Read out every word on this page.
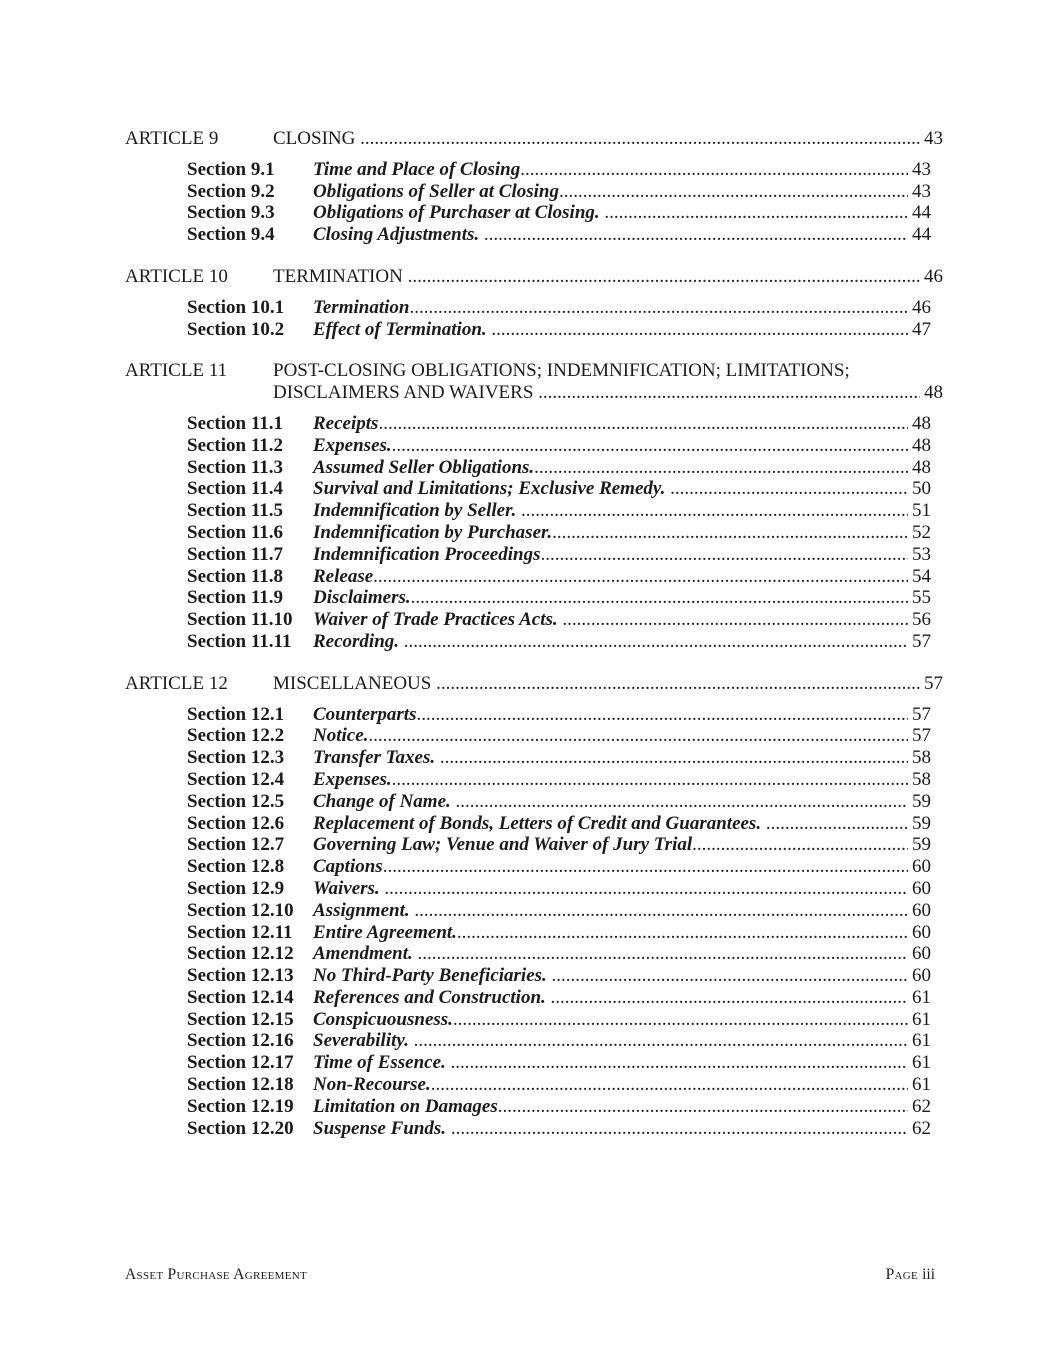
ARTICLE 9	CLOSING .....	43
Section 9.1	Time and Place of Closing .....	43
Section 9.2	Obligations of Seller at Closing .....	43
Section 9.3	Obligations of Purchaser at Closing. .....	44
Section 9.4	Closing Adjustments. .....	44
ARTICLE 10	TERMINATION .....	46
Section 10.1	Termination .....	46
Section 10.2	Effect of Termination. .....	47
ARTICLE 11	POST-CLOSING OBLIGATIONS; INDEMNIFICATION; LIMITATIONS;
DISCLAIMERS AND WAIVERS .....	48
Section 11.1	Receipts .....	48
Section 11.2	Expenses. .....	48
Section 11.3	Assumed Seller Obligations. .....	48
Section 11.4	Survival and Limitations; Exclusive Remedy. .....	50
Section 11.5	Indemnification by Seller. .....	51
Section 11.6	Indemnification by Purchaser. .....	52
Section 11.7	Indemnification Proceedings .....	53
Section 11.8	Release .....	54
Section 11.9	Disclaimers. .....	55
Section 11.10	Waiver of Trade Practices Acts. .....	56
Section 11.11	Recording. .....	57
ARTICLE 12	MISCELLANEOUS .....	57
Section 12.1	Counterparts .....	57
Section 12.2	Notice. .....	57
Section 12.3	Transfer Taxes. .....	58
Section 12.4	Expenses. .....	58
Section 12.5	Change of Name. .....	59
Section 12.6	Replacement of Bonds, Letters of Credit and Guarantees. .....	59
Section 12.7	Governing Law; Venue and Waiver of Jury Trial .....	59
Section 12.8	Captions .....	60
Section 12.9	Waivers. .....	60
Section 12.10	Assignment. .....	60
Section 12.11	Entire Agreement. .....	60
Section 12.12	Amendment. .....	60
Section 12.13	No Third-Party Beneficiaries. .....	60
Section 12.14	References and Construction. .....	61
Section 12.15	Conspicuousness. .....	61
Section 12.16	Severability. .....	61
Section 12.17	Time of Essence. .....	61
Section 12.18	Non-Recourse. .....	61
Section 12.19	Limitation on Damages .....	62
Section 12.20	Suspense Funds. .....	62
Asset Purchase Agreement	Page iii
